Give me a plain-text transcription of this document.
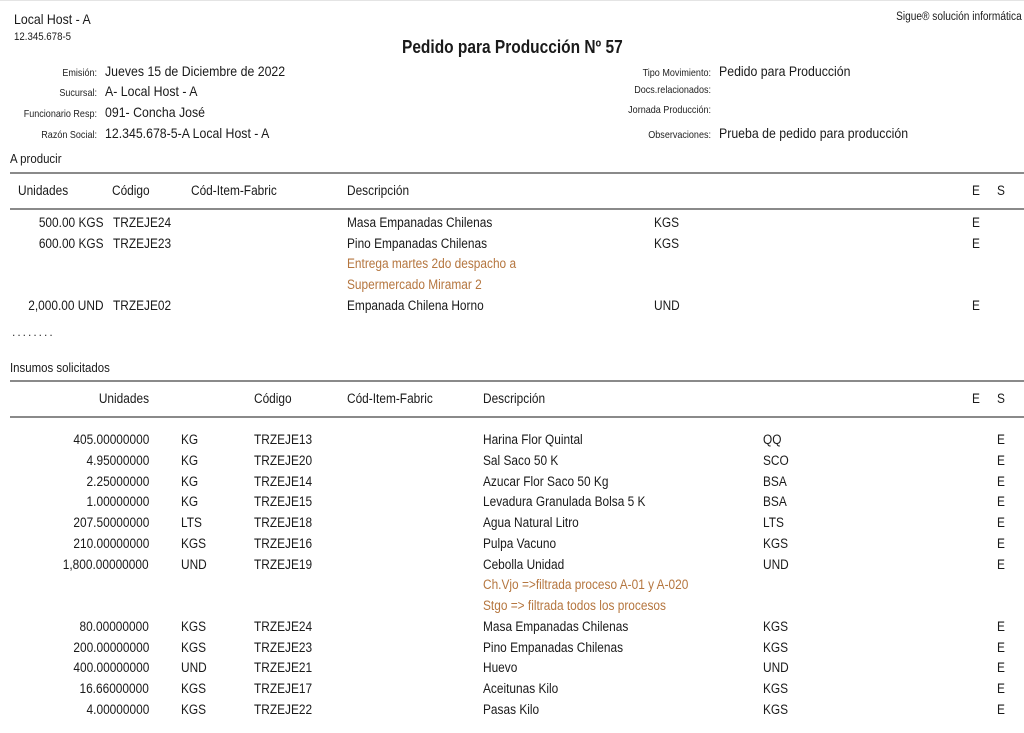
Local Host - A
12.345.678-5
Sigue® solución informática
Pedido para Producción Nº 57
Emisión: Jueves 15 de Diciembre de 2022
Sucursal: A- Local Host - A
Funcionario Resp: 091- Concha José
Razón Social: 12.345.678-5-A Local Host - A
Tipo Movimiento: Pedido para Producción
Docs.relacionados:
Jornada Producción:
Observaciones: Prueba de pedido para producción
A producir
Unidades	Código	Cód-Item-Fabric	Descripción	E S
500.00 KGS TRZEJE24	Masa Empanadas Chilenas	KGS	E
600.00 KGS TRZEJE23	Pino Empanadas Chilenas	KGS	E
Entrega martes 2do despacho a
Supermercado Miramar 2
2,000.00 UND TRZEJE02	Empanada Chilena Horno	UND	E
........
Insumos solicitados
Unidades	Código	Cód-Item-Fabric	Descripción	E S
405.00000000 KG	TRZEJE13	Harina Flor Quintal	QQ	E
4.95000000 KG	TRZEJE20	Sal Saco 50 K	SCO	E
2.25000000 KG	TRZEJE14	Azucar Flor Saco 50 Kg	BSA	E
1.00000000 KG	TRZEJE15	Levadura Granulada Bolsa 5 K	BSA	E
207.50000000 LTS	TRZEJE18	Agua Natural Litro	LTS	E
210.00000000 KGS	TRZEJE16	Pulpa Vacuno	KGS	E
1,800.00000000 UND	TRZEJE19	Cebolla Unidad	UND	E
Ch.Vjo =>filtrada proceso A-01 y A-020
Stgo => filtrada todos los procesos
80.00000000 KGS	TRZEJE24	Masa Empanadas Chilenas	KGS	E
200.00000000 KGS	TRZEJE23	Pino Empanadas Chilenas	KGS	E
400.00000000 UND	TRZEJE21	Huevo	UND	E
16.66000000 KGS	TRZEJE17	Aceitunas Kilo	KGS	E
4.00000000 KGS	TRZEJE22	Pasas Kilo	KGS	E
